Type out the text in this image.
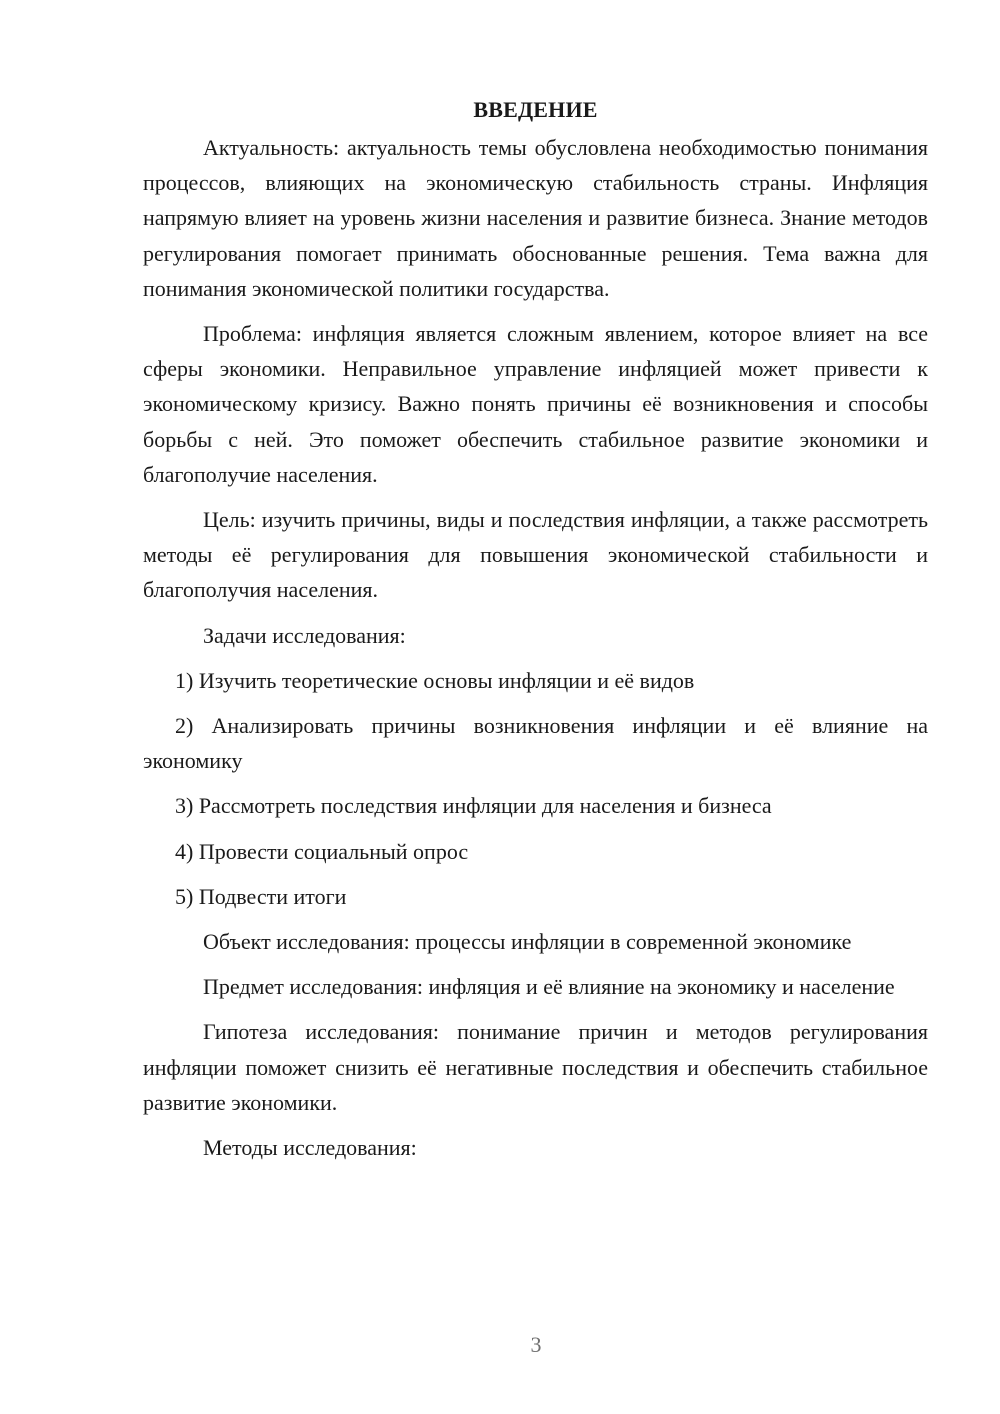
ВВЕДЕНИЕ

Актуальность: актуальность темы обусловлена необходимостью понимания процессов, влияющих на экономическую стабильность страны. Инфляция напрямую влияет на уровень жизни населения и развитие бизнеса. Знание методов регулирования помогает принимать обоснованные решения. Тема важна для понимания экономической политики государства.

Проблема: инфляция является сложным явлением, которое влияет на все сферы экономики. Неправильное управление инфляцией может привести к экономическому кризису. Важно понять причины её возникновения и способы борьбы с ней. Это поможет обеспечить стабильное развитие экономики и благополучие населения.

Цель: изучить причины, виды и последствия инфляции, а также рассмотреть методы её регулирования для повышения экономической стабильности и благополучия населения.

Задачи исследования:

1) Изучить теоретические основы инфляции и её видов

2) Анализировать причины возникновения инфляции и её влияние на экономику

3) Рассмотреть последствия инфляции для населения и бизнеса

4) Провести социальный опрос

5) Подвести итоги

Объект исследования: процессы инфляции в современной экономике

Предмет исследования: инфляция и её влияние на экономику и население

Гипотеза исследования: понимание причин и методов регулирования инфляции поможет снизить её негативные последствия и обеспечить стабильное развитие экономики.

Методы исследования:

3
